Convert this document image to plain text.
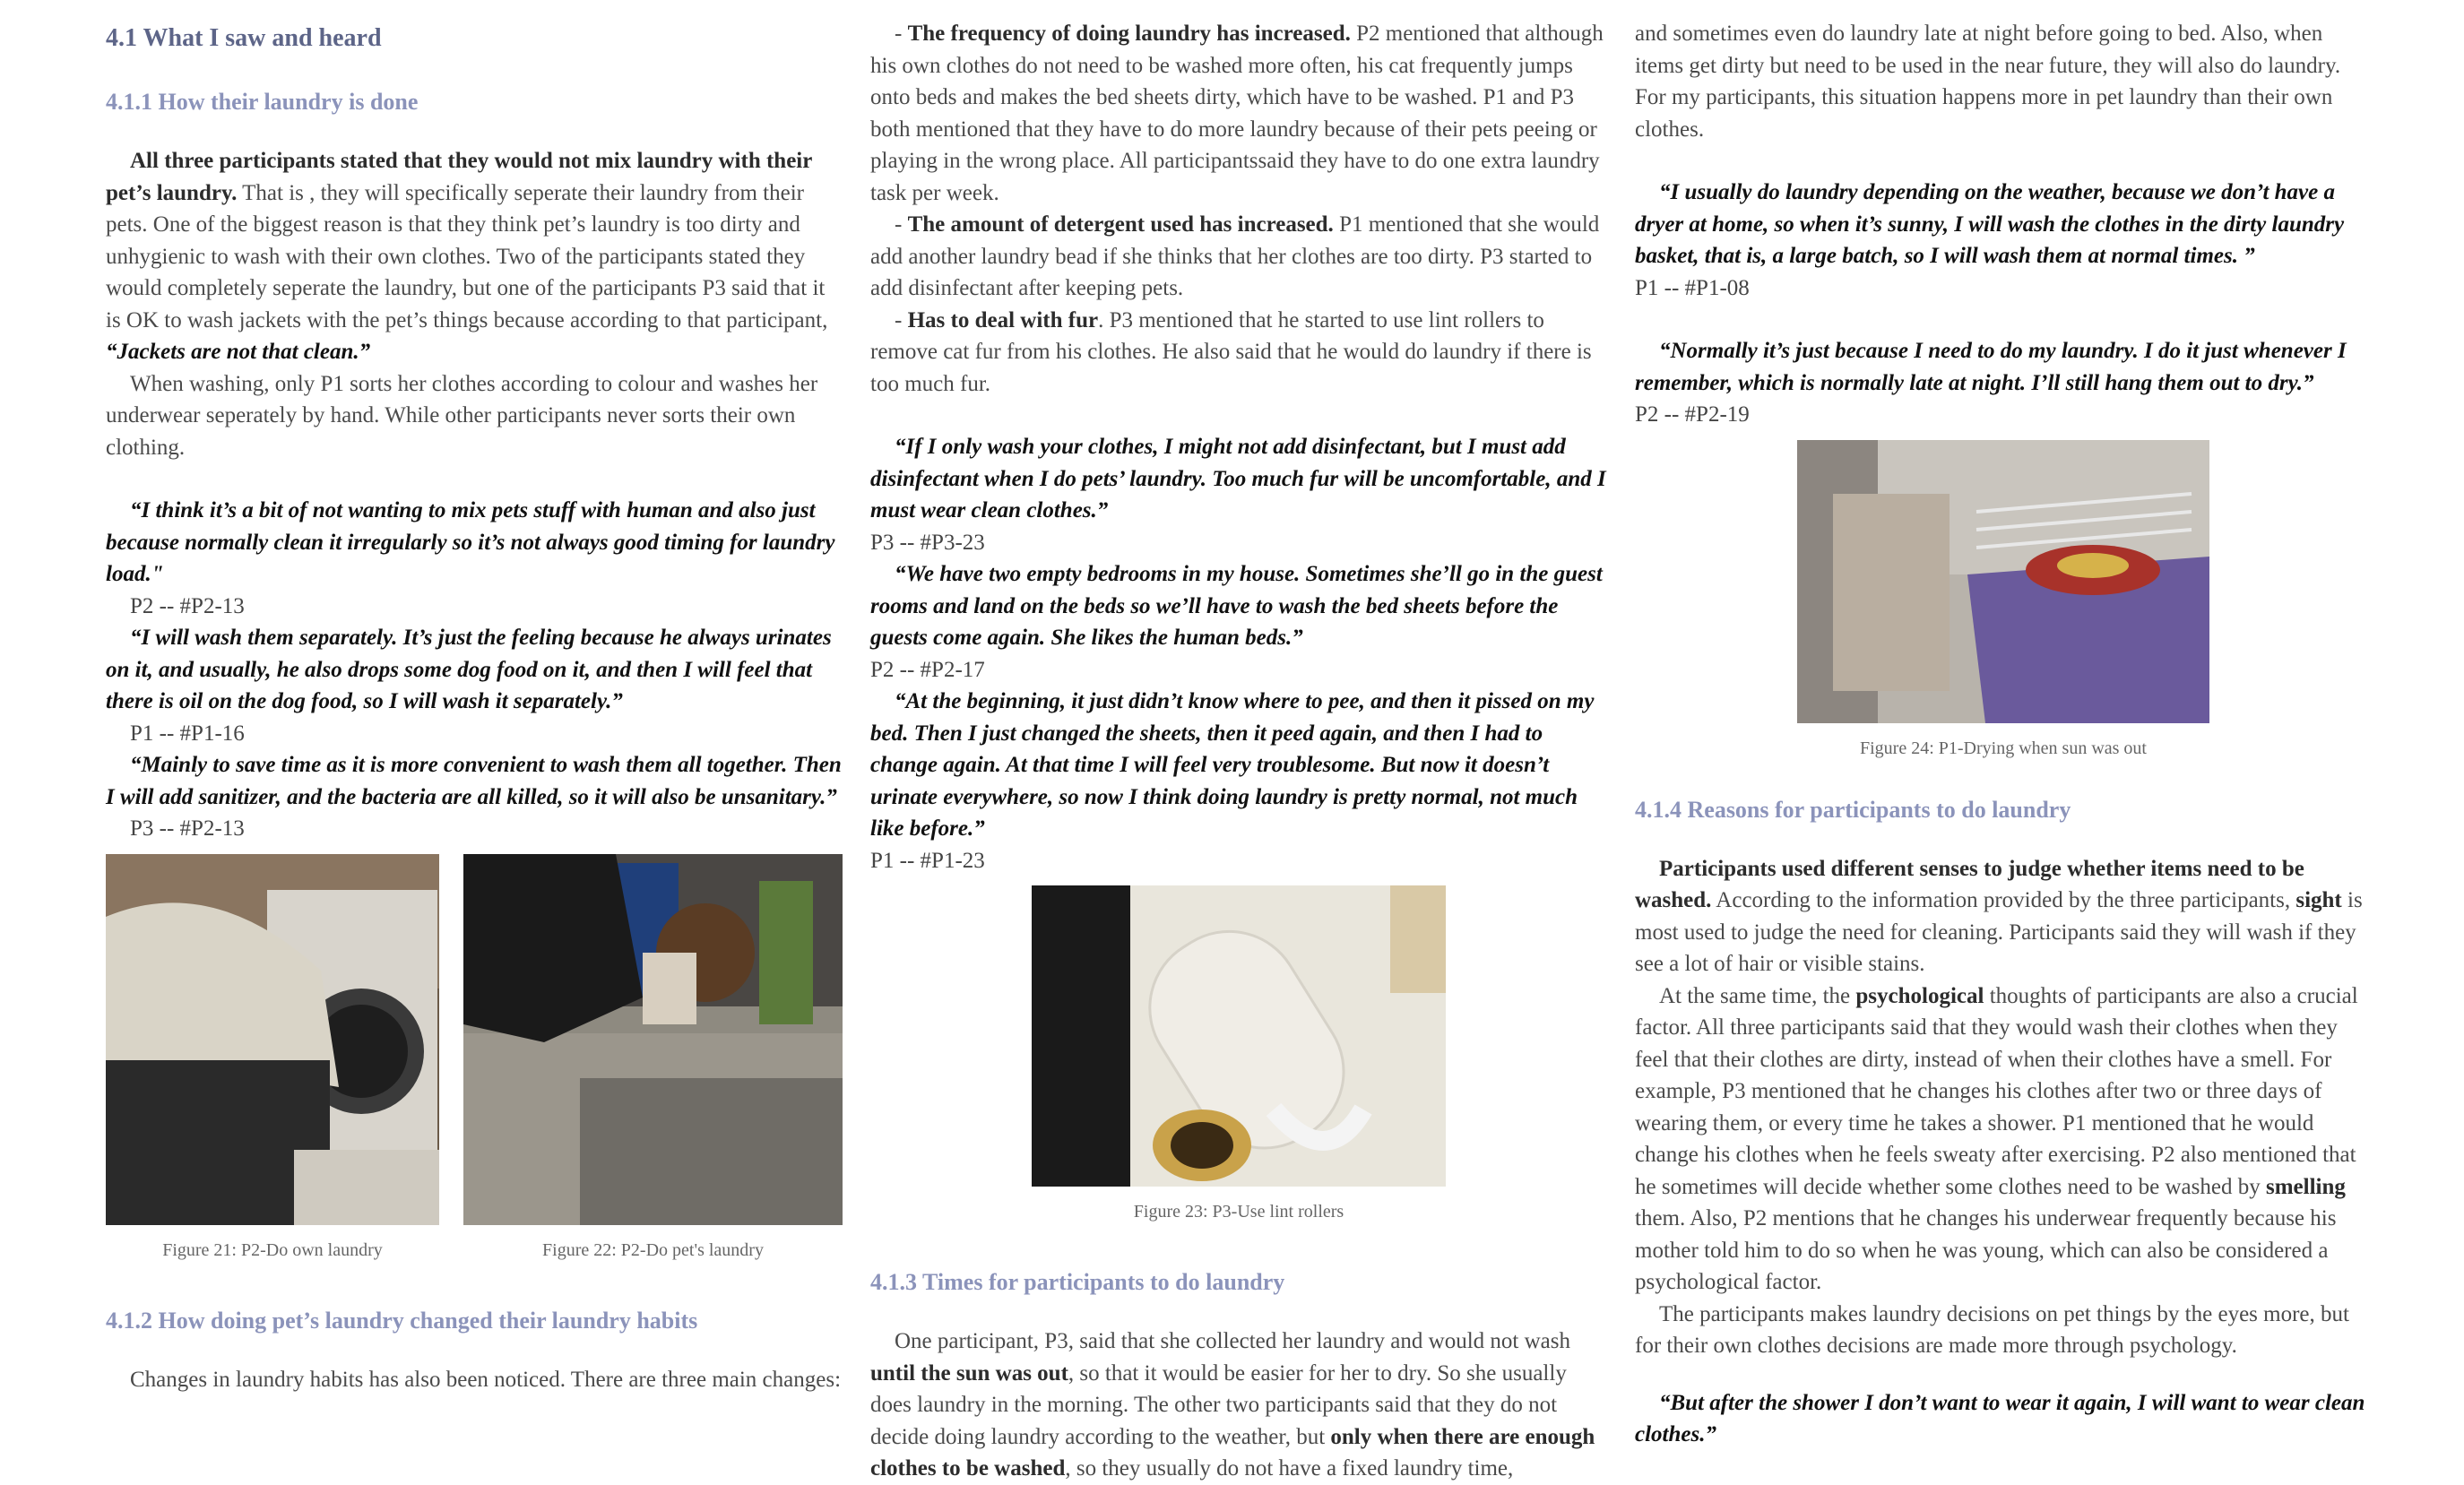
4.1 What I saw and heard
4.1.1 How their laundry is done

All three participants stated that they would not mix laundry with their pet’s laundry. That is , they will specifically seperate their laundry from their pets. One of the biggest reason is that they think pet’s laundry is too dirty and unhygienic to wash with their own clothes. Two of the participants stated they would completely seperate the laundry, but one of the participants P3 said that it is OK to wash jackets with the pet’s things because according to that participant, “Jackets are not that clean.”

When washing, only P1 sorts her clothes according to colour and washes her underwear seperately by hand. While other participants never sorts their own clothing.

“I think it’s a bit of not wanting to mix pets stuff with human and also just because normally clean it irregularly so it’s not always good timing for laundry load."

P2 -- #P2-13

“I will wash them separately. It’s just the feeling because he always urinates on it, and usually, he also drops some dog food on it, and then I will feel that there is oil on the dog food, so I will wash it separately.”

P1 -- #P1-16

“Mainly to save time as it is more convenient to wash them all together. Then I will add sanitizer, and the bacteria are all killed, so it will also be unsanitary.”

P3 -- #P2-13

Figure 21: P2-Do own laundry	Figure 22: P2-Do pet's laundry
4.1.2 How doing pet’s laundry changed their laundry habits

Changes in laundry habits has also been noticed. There are three main changes:

- The frequency of doing laundry has increased. P2 mentioned that although his own clothes do not need to be washed more often, his cat frequently jumps onto beds and makes the bed sheets dirty, which have to be washed. P1 and P3 both mentioned that they have to do more laundry because of their pets peeing or playing in the wrong place. All participantssaid they have to do one extra laundry task per week.

- The amount of detergent used has increased. P1 mentioned that she would add another laundry bead if she thinks that her clothes are too dirty. P3 started to add disinfectant after keeping pets.

- Has to deal with fur. P3 mentioned that he started to use lint rollers to remove cat fur from his clothes. He also said that he would do laundry if there is too much fur.

“If I only wash your clothes, I might not add disinfectant, but I must add disinfectant when I do pets’ laundry. Too much fur will be uncomfortable, and I must wear clean clothes.”

P3 -- #P3-23

“We have two empty bedrooms in my house. Sometimes she’ll go in the guest rooms and land on the beds so we’ll have to wash the bed sheets before the guests come again. She likes the human beds.”

P2 -- #P2-17

“At the beginning, it just didn’t know where to pee, and then it pissed on my bed. Then I just changed the sheets, then it peed again, and then I had to change again. At that time I will feel very troublesome. But now it doesn’t urinate everywhere, so now I think doing laundry is pretty normal, not much like before.”

P1 -- #P1-23

Figure 23: P3-Use lint rollers
4.1.3 Times for participants to do laundry

One participant, P3, said that she collected her laundry and would not wash until the sun was out, so that it would be easier for her to dry. So she usually does laundry in the morning. The other two participants said that they do not decide doing laundry according to the weather, but only when there are enough clothes to be washed, so they usually do not have a fixed laundry time,

and sometimes even do laundry late at night before going to bed. Also, when items get dirty but need to be used in the near future, they will also do laundry. For my participants, this situation happens more in pet laundry than their own clothes.

“I usually do laundry depending on the weather, because we don’t have a dryer at home, so when it’s sunny, I will wash the clothes in the dirty laundry basket, that is, a large batch, so I will wash them at normal times. ”

P1 -- #P1-08

“Normally it’s just because I need to do my laundry. I do it just whenever I remember, which is normally late at night. I’ll still hang them out to dry.”

P2 -- #P2-19

Figure 24: P1-Drying when sun was out
4.1.4 Reasons for participants to do laundry

Participants used different senses to judge whether items need to be washed. According to the information provided by the three participants, sight is most used to judge the need for cleaning. Participants said they will wash if they see a lot of hair or visible stains.

At the same time, the psychological thoughts of participants are also a crucial factor. All three participants said that they would wash their clothes when they feel that their clothes are dirty, instead of when their clothes have a smell. For example, P3 mentioned that he changes his clothes after two or three days of wearing them, or every time he takes a shower. P1 mentioned that he would change his clothes when he feels sweaty after exercising. P2 also mentioned that he sometimes will decide whether some clothes need to be washed by smelling them. Also, P2 mentions that he changes his underwear frequently because his mother told him to do so when he was young, which can also be considered a psychological factor.

The participants makes laundry decisions on pet things by the eyes more, but for their own clothes decisions are made more through psychology.

“But after the shower I don’t want to wear it again, I will want to wear clean clothes.”
